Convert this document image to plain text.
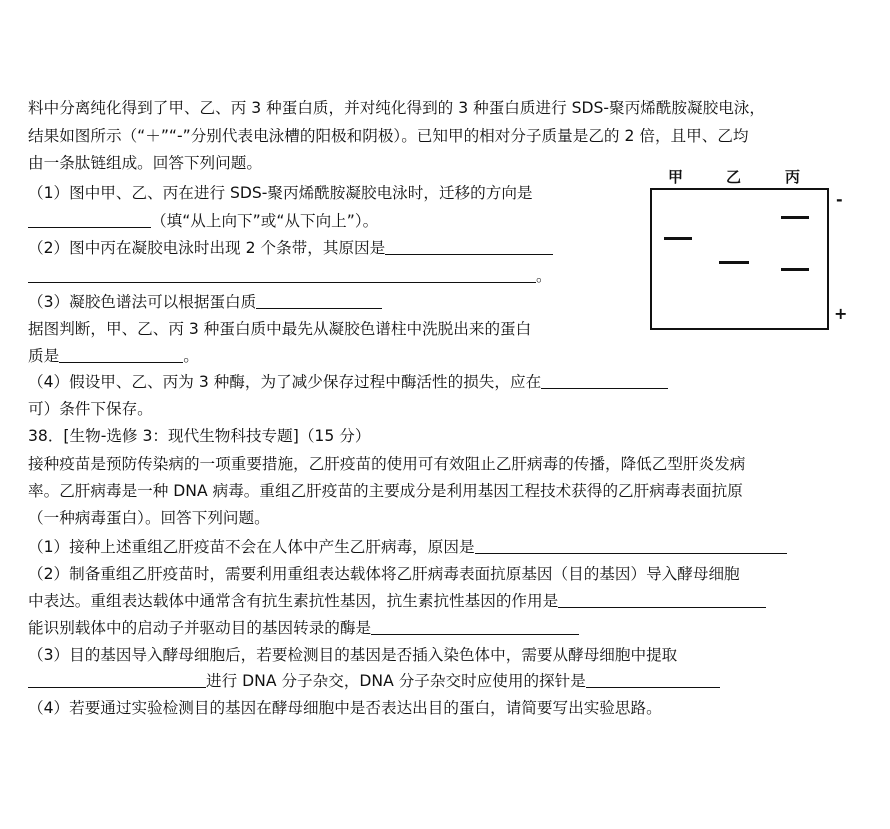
料中分离纯化得到了甲、乙、丙 3 种蛋白质，并对纯化得到的 3 种蛋白质进行 SDS-聚丙烯酰胺凝胶电泳，
结果如图所示（“＋”“-”分别代表电泳槽的阳极和阴极）。已知甲的相对分子质量是乙的 2 倍，且甲、乙均
由一条肽链组成。回答下列问题。
（1）图中甲、乙、丙在进行 SDS-聚丙烯酰胺凝胶电泳时，迁移的方向是
（填“从上向下”或“从下向上”）。
（2）图中丙在凝胶电泳时出现 2 个条带，其原因是
。
（3）凝胶色谱法可以根据蛋白质
据图判断，甲、乙、丙 3 种蛋白质中最先从凝胶色谱柱中洗脱出来的蛋白
质是	。
（4）假设甲、乙、丙为 3 种酶，为了减少保存过程中酶活性的损失，应在
可）条件下保存。
38．[生物-选修 3：现代生物科技专题]（15 分）
接种疫苗是预防传染病的一项重要措施，乙肝疫苗的使用可有效阻止乙肝病毒的传播，降低乙型肝炎发病
率。乙肝病毒是一种 DNA 病毒。重组乙肝疫苗的主要成分是利用基因工程技术获得的乙肝病毒表面抗原
（一种病毒蛋白）。回答下列问题。
（1）接种上述重组乙肝疫苗不会在人体中产生乙肝病毒，原因是
（2）制备重组乙肝疫苗时，需要利用重组表达载体将乙肝病毒表面抗原基因（目的基因）导入酵母细胞
中表达。重组表达载体中通常含有抗生素抗性基因，抗生素抗性基因的作用是
能识别载体中的启动子并驱动目的基因转录的酶是
（3）目的基因导入酵母细胞后，若要检测目的基因是否插入染色体中，需要从酵母细胞中提取
进行 DNA 分子杂交，DNA 分子杂交时应使用的探针是
（4）若要通过实验检测目的基因在酵母细胞中是否表达出目的蛋白，请简要写出实验思路。
甲	乙	丙
-
+
